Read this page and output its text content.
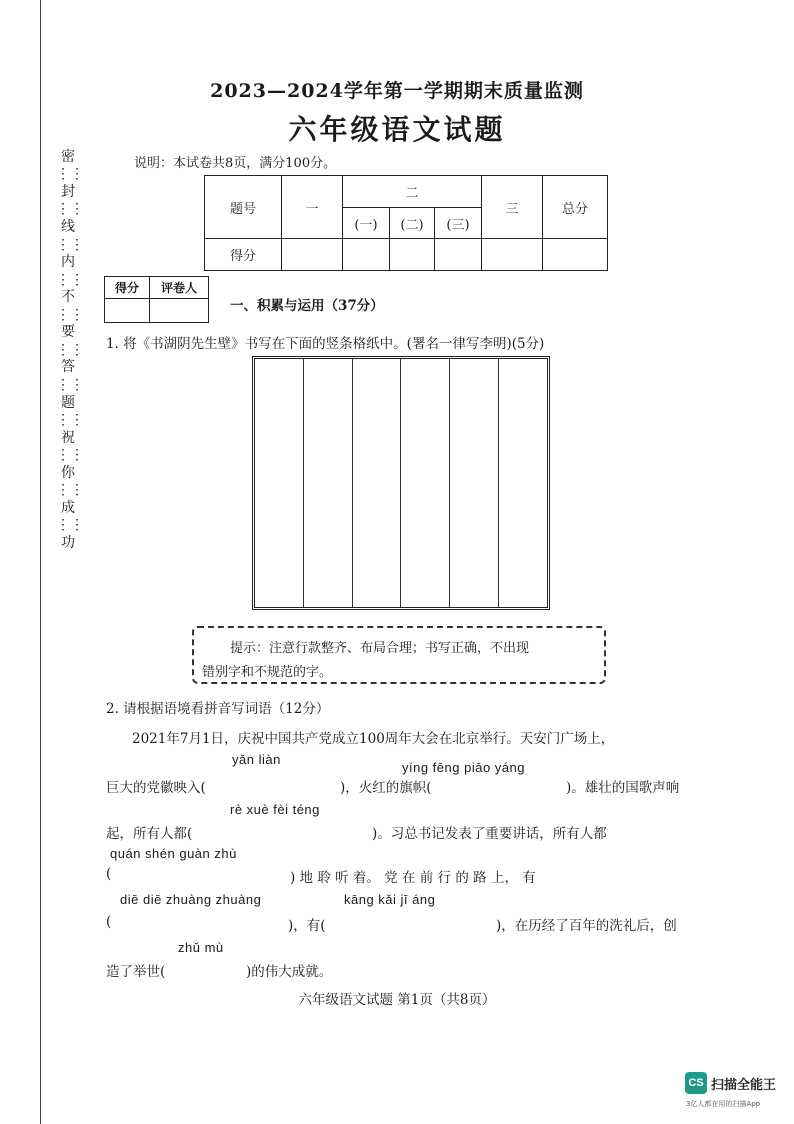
密
⋮⋮
封
⋮⋮
线
⋮⋮
内
⋮⋮
不
⋮⋮
要
⋮⋮
答
⋮⋮
题
⋮⋮
祝
⋮⋮
你
⋮⋮
成
⋮⋮
功
2023—2024学年第一学期期末质量监测
六年级语文试题
说明：本试卷共8页，满分100分。
题号	一	二			三	总分
		(一)	(二)	(三)		
得分						
得分	评卷人

一、积累与运用（37分）
1. 将《书湖阴先生壁》书写在下面的竖条格纸中。(署名一律写李明)(5分)
提示：注意行款整齐、布局合理；书写正确，不出现
错别字和不规范的字。
2. 请根据语境看拼音写词语（12分）
2021年7月1日，庆祝中国共产党成立100周年大会在北京举行。天安门广场上，
yǎn liàn
yíng fēng piāo yáng
巨大的党徽映入(	)，火红的旗帜(	)。雄壮的国歌声响
rè xuè fèi téng
起，所有人都(	)。习总书记发表了重要讲话，所有人都
quán shén guàn zhù
(	) 地 聆 听 着。 党 在 前 行 的 路 上， 有
diē diē zhuàng zhuàng	kāng kǎi jī áng
(	)，有(	)，在历经了百年的洗礼后，创
zhǔ mù
造了举世(	)的伟大成就。
六年级语文试题 第1页（共8页）
CS 扫描全能王
3亿人都在用的扫描App
